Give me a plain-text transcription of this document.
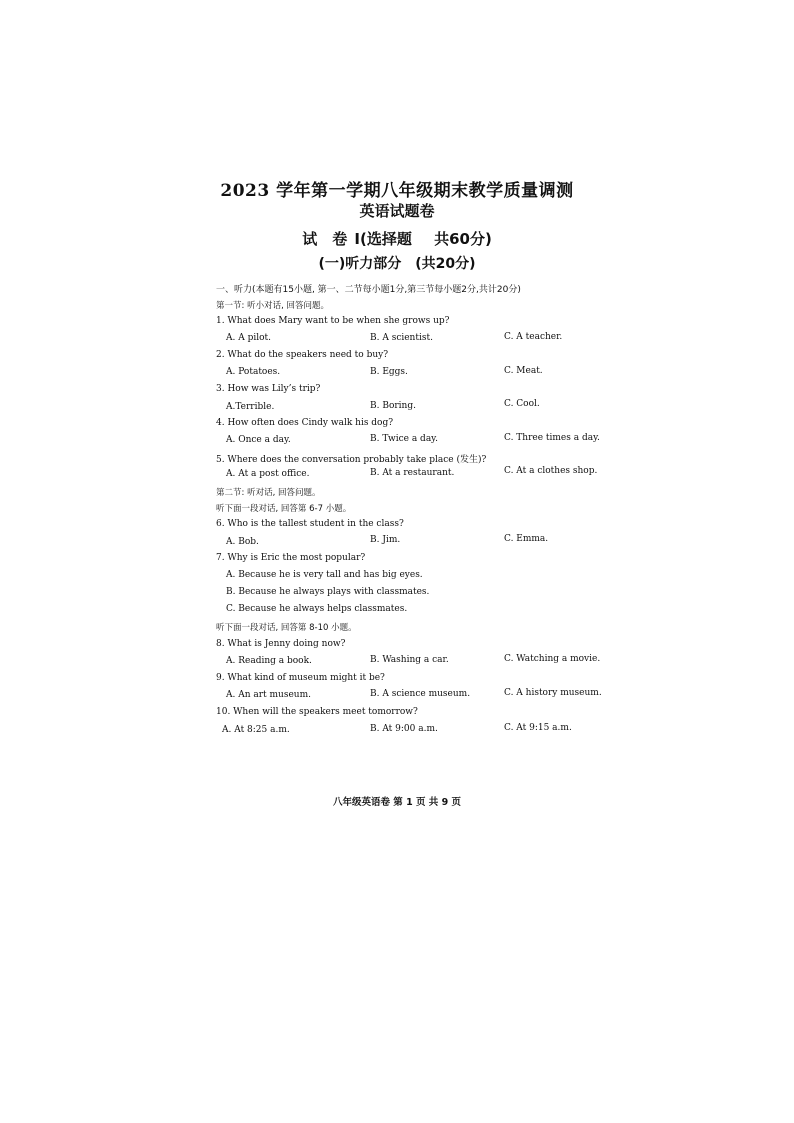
2023 学年第一学期八年级期末教学质量调测
英语试题卷
试　卷 Ⅰ(选择题　 共60分)
(一)听力部分　(共20分)
一、听力(本题有15小题, 第一、二节每小题1分,第三节每小题2分,共计20分)
第一节: 听小对话, 回答问题。
1. What does Mary want to be when she grows up?
A. A pilot.	B. A scientist.	C. A teacher.
2. What do the speakers need to buy?
A. Potatoes.	B. Eggs.	C. Meat.
3. How was Lily’s trip?
A.Terrible.	B. Boring.	C. Cool.
4. How often does Cindy walk his dog?
A. Once a day.	B. Twice a day.	C. Three times a day.
5. Where does the conversation probably take place (发生)?
A. At a post office.	B. At a restaurant.	C. At a clothes shop.
第二节: 听对话, 回答问题。
听下面一段对话, 回答第 6-7 小题。
6. Who is the tallest student in the class?
A. Bob.	B. Jim.	C. Emma.
7. Why is Eric the most popular?
A. Because he is very tall and has big eyes.
B. Because he always plays with classmates.
C. Because he always helps classmates.
听下面一段对话, 回答第 8-10 小题。
8. What is Jenny doing now?
A. Reading a book.	B. Washing a car.	C. Watching a movie.
9. What kind of museum might it be?
A. An art museum.	B. A science museum.	C. A history museum.
10. When will the speakers meet tomorrow?
A. At 8:25 a.m.	B. At 9:00 a.m.	C. At 9:15 a.m.
八年级英语卷 第 1 页 共 9 页
